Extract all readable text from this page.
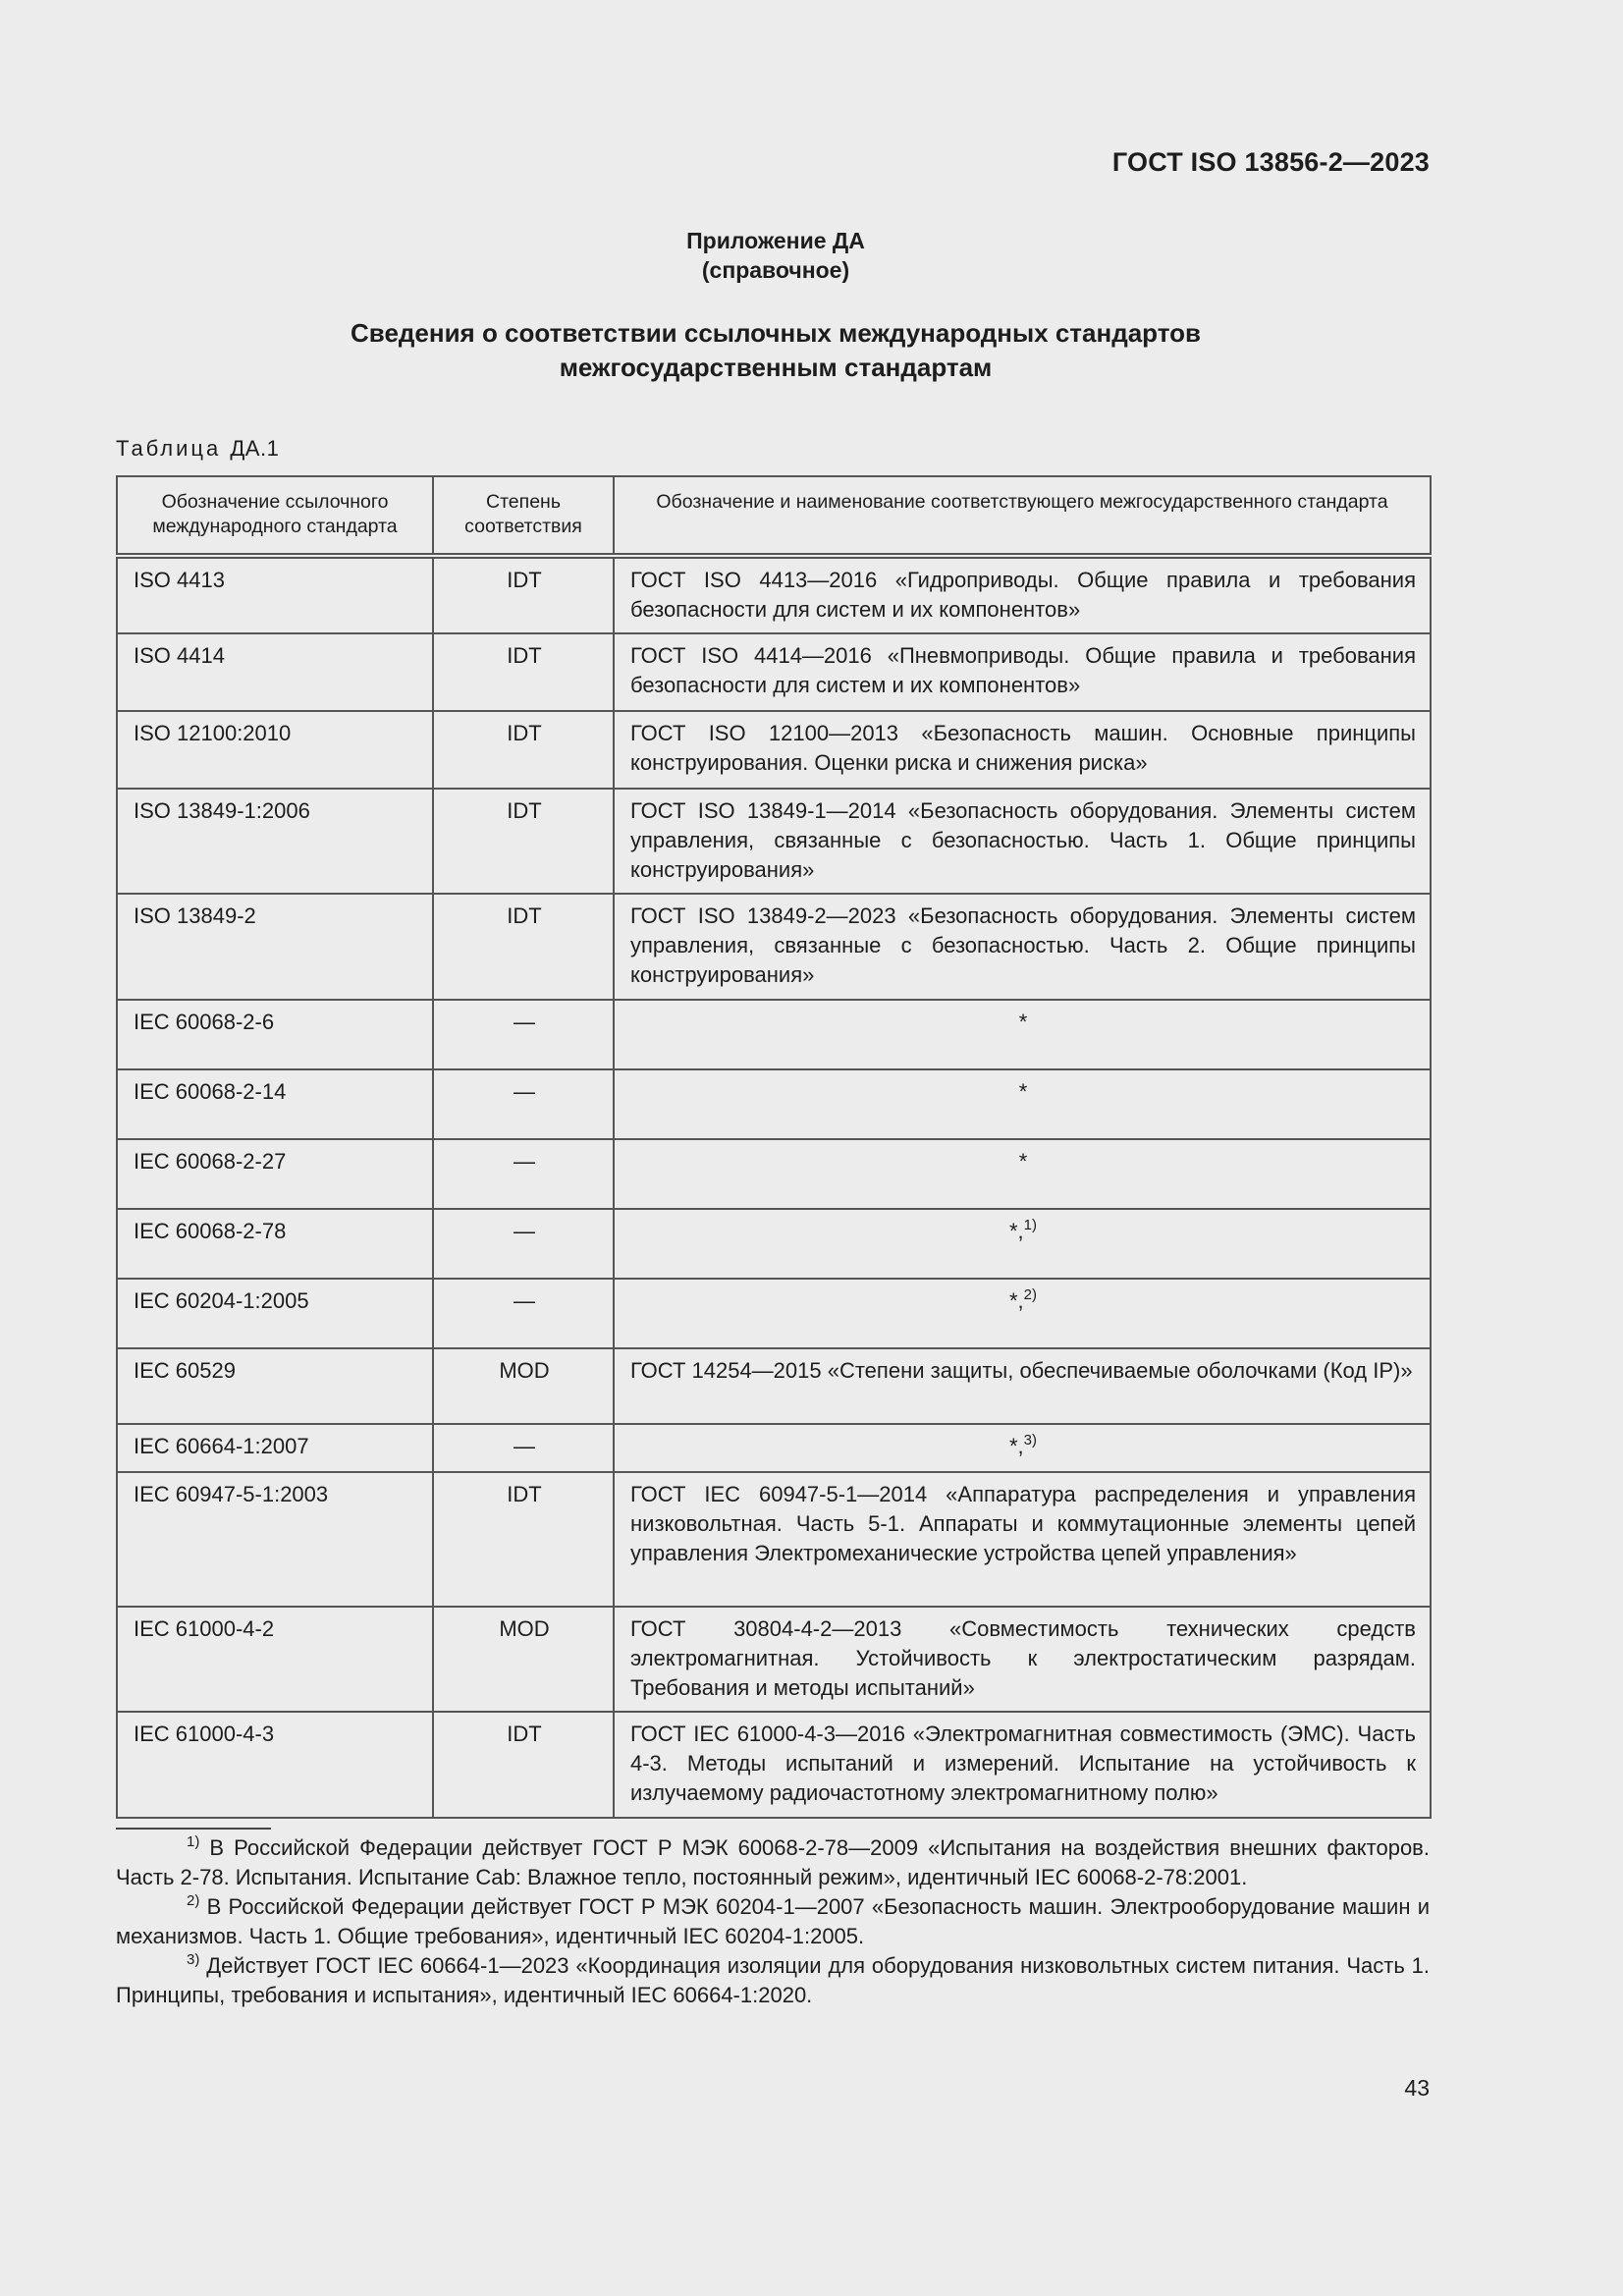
ГОСТ ISO 13856-2—2023
Приложение ДА
(справочное)
Сведения о соответствии ссылочных международных стандартов
межгосударственным стандартам
Таблица ДА.1
Обозначение ссылочного международного стандарта	Степень соответствия	Обозначение и наименование соответствующего межгосударственного стандарта
ISO 4413	IDT	ГОСТ ISO 4413—2016 «Гидроприводы. Общие правила и требования безопасности для систем и их компонентов»
ISO 4414	IDT	ГОСТ ISO 4414—2016 «Пневмоприводы. Общие правила и требования безопасности для систем и их компонентов»
ISO 12100:2010	IDT	ГОСТ ISO 12100—2013 «Безопасность машин. Основные принципы конструирования. Оценки риска и снижения риска»
ISO 13849-1:2006	IDT	ГОСТ ISO 13849-1—2014 «Безопасность оборудования. Элементы систем управления, связанные с безопасностью. Часть 1. Общие принципы конструирования»
ISO 13849-2	IDT	ГОСТ ISO 13849-2—2023 «Безопасность оборудования. Элементы систем управления, связанные с безопасностью. Часть 2. Общие принципы конструирования»
IEC 60068-2-6	—	*
IEC 60068-2-14	—	*
IEC 60068-2-27	—	*
IEC 60068-2-78	—	*,$^{1)}$
IEC 60204-1:2005	—	*,$^{2)}$
IEC 60529	MOD	ГОСТ 14254—2015 «Степени защиты, обеспечиваемые оболочками (Код IP)»
IEC 60664-1:2007	—	*,$^{3)}$
IEC 60947-5-1:2003	IDT	ГОСТ IEC 60947-5-1—2014 «Аппаратура распределения и управления низковольтная. Часть 5-1. Аппараты и коммутационные элементы цепей управления Электромеханические устройства цепей управления»
IEC 61000-4-2	MOD	ГОСТ 30804-4-2—2013 «Совместимость технических средств электромагнитная. Устойчивость к электростатическим разрядам. Требования и методы испытаний»
IEC 61000-4-3	IDT	ГОСТ IEC 61000-4-3—2016 «Электромагнитная совместимость (ЭМС). Часть 4-3. Методы испытаний и измерений. Испытание на устойчивость к излучаемому радиочастотному электромагнитному полю»

$^{1)}$ В Российской Федерации действует ГОСТ Р МЭК 60068-2-78—2009 «Испытания на воздействия внешних факторов. Часть 2-78. Испытания. Испытание Cab: Влажное тепло, постоянный режим», идентичный IEC 60068-2-78:2001.

$^{2)}$ В Российской Федерации действует ГОСТ Р МЭК 60204-1—2007 «Безопасность машин. Электрооборудование машин и механизмов. Часть 1. Общие требования», идентичный IEC 60204-1:2005.

$^{3)}$ Действует ГОСТ IEC 60664-1—2023 «Координация изоляции для оборудования низковольтных систем питания. Часть 1. Принципы, требования и испытания», идентичный IEC 60664-1:2020.

43
